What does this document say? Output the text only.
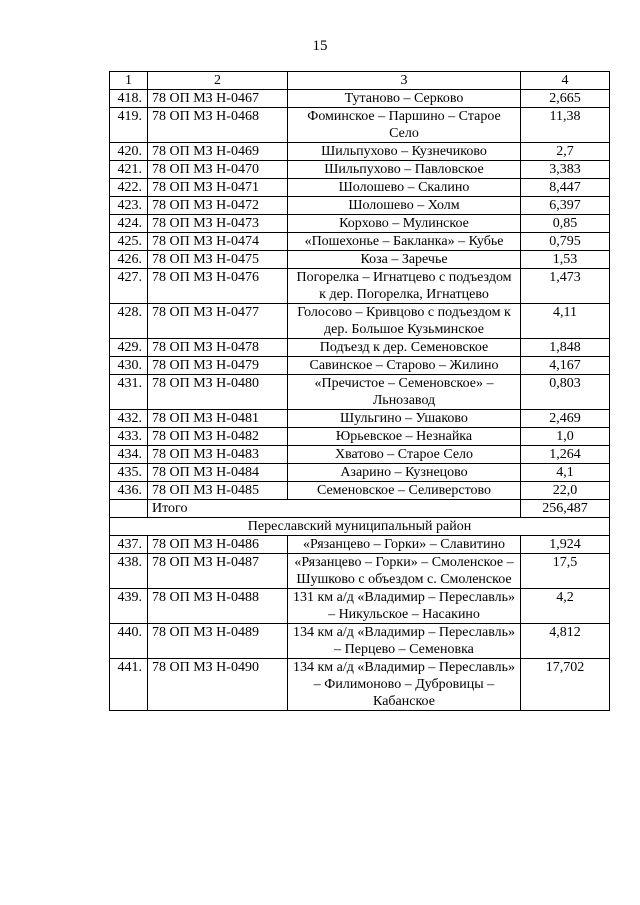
15
1	2	3	4
418.	78 ОП МЗ Н-0467	Тутаново – Серково	2,665
419.	78 ОП МЗ Н-0468	Фоминское – Паршино – Старое Село	11,38
420.	78 ОП МЗ Н-0469	Шильпухово – Кузнечиково	2,7
421.	78 ОП МЗ Н-0470	Шильпухово – Павловское	3,383
422.	78 ОП МЗ Н-0471	Шолошево – Скалино	8,447
423.	78 ОП МЗ Н-0472	Шолошево – Холм	6,397
424.	78 ОП МЗ Н-0473	Корхово – Мулинское	0,85
425.	78 ОП МЗ Н-0474	«Пошехонье – Бакланка» – Кубье	0,795
426.	78 ОП МЗ Н-0475	Коза – Заречье	1,53
427.	78 ОП МЗ Н-0476	Погорелка – Игнатцево с подъездом к дер. Погорелка, Игнатцево	1,473
428.	78 ОП МЗ Н-0477	Голосово – Кривцово с подъездом к дер. Большое Кузьминское	4,11
429.	78 ОП МЗ Н-0478	Подъезд к дер. Семеновское	1,848
430.	78 ОП МЗ Н-0479	Савинское – Старово – Жилино	4,167
431.	78 ОП МЗ Н-0480	«Пречистое – Семеновское» – Льнозавод	0,803
432.	78 ОП МЗ Н-0481	Шульгино – Ушаково	2,469
433.	78 ОП МЗ Н-0482	Юрьевское – Незнайка	1,0
434.	78 ОП МЗ Н-0483	Хватово – Старое Село	1,264
435.	78 ОП МЗ Н-0484	Азарино – Кузнецово	4,1
436.	78 ОП МЗ Н-0485	Семеновское – Селиверстово	22,0
	Итого		256,487
Переславский муниципальный район			
437.	78 ОП МЗ Н-0486	«Рязанцево – Горки» – Славитино	1,924
438.	78 ОП МЗ Н-0487	«Рязанцево – Горки» – Смоленское – Шушково с объездом с. Смоленское	17,5
439.	78 ОП МЗ Н-0488	131 км а/д «Владимир – Переславль» – Никульское – Насакино	4,2
440.	78 ОП МЗ Н-0489	134 км а/д «Владимир – Переславль» – Перцево – Семеновка	4,812
441.	78 ОП МЗ Н-0490	134 км а/д «Владимир – Переславль» – Филимоново – Дубровицы – Кабанское	17,702
